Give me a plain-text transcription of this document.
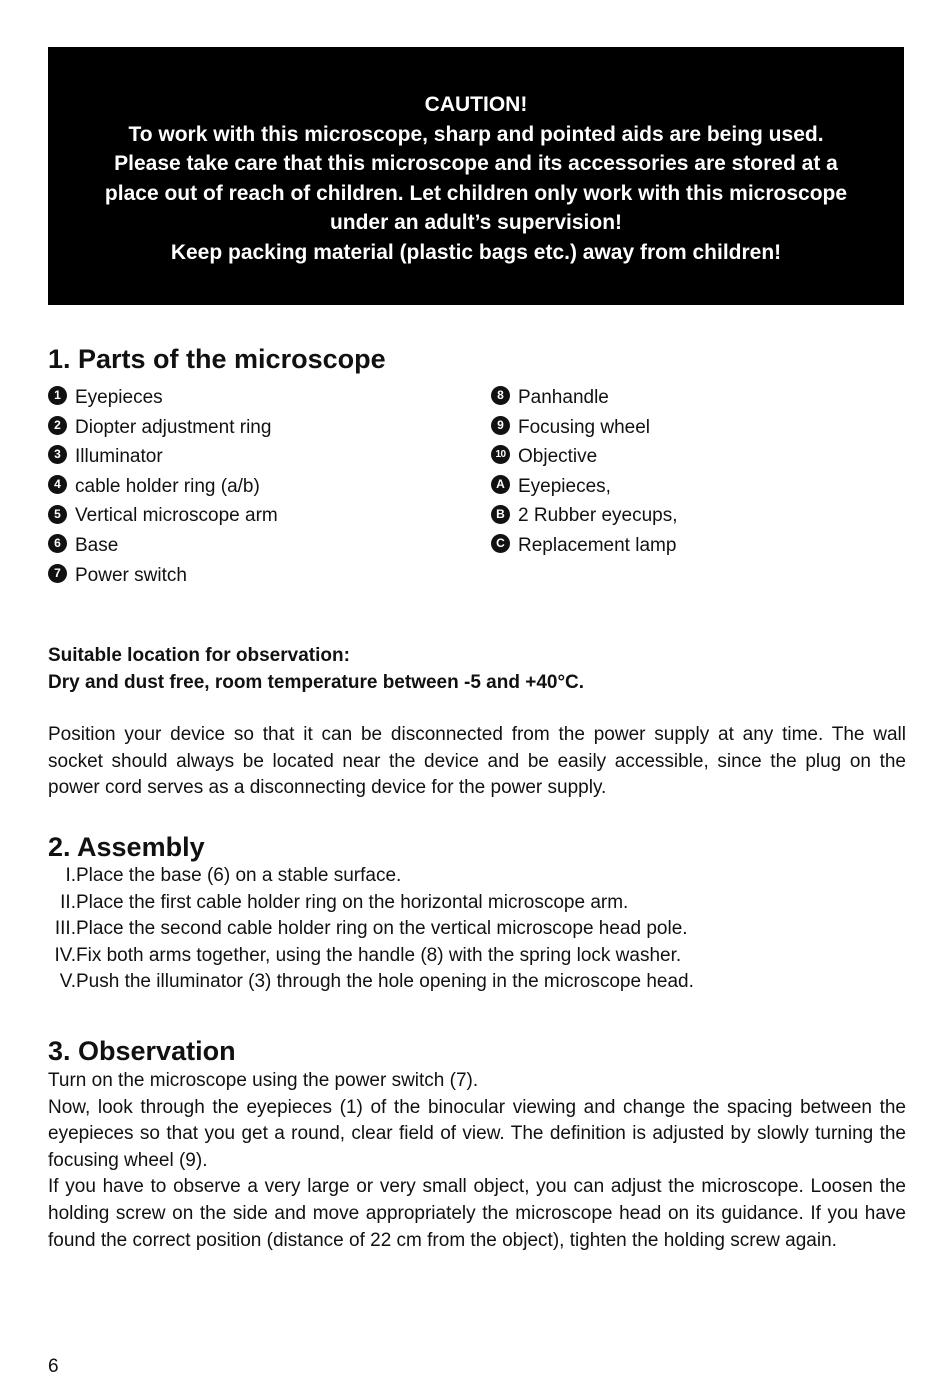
CAUTION!
To work with this microscope, sharp and pointed aids are being used.
Please take care that this microscope and its accessories are stored at a
place out of reach of children. Let children only work with this microscope
under an adult’s supervision!
Keep packing material (plastic bags etc.) away from children!
1. Parts of the microscope
1 Eyepieces
2 Diopter adjustment ring
3 Illuminator
4 cable holder ring (a/b)
5 Vertical microscope arm
6 Base
7 Power switch
8 Panhandle
9 Focusing wheel
10 Objective
A Eyepieces,
B 2 Rubber eyecups,
C Replacement lamp
Suitable location for observation:
Dry and dust free, room temperature between -5 and +40°C.
Position your device so that it can be disconnected from the power supply at any time. The wall socket should always be located near the device and be easily accessible, since the plug on the power cord serves as a disconnecting device for the power supply.
2. Assembly
I. Place the base (6) on a stable surface.
II. Place the first cable holder ring on the horizontal microscope arm.
III. Place the second cable holder ring on the vertical microscope head pole.
IV. Fix both arms together, using the handle (8) with the spring lock washer.
V. Push the illuminator (3) through the hole opening in the microscope head.
3. Observation
Turn on the microscope using the power switch (7).
Now, look through the eyepieces (1) of the binocular viewing and change the spacing between the eyepieces so that you get a round, clear field of view. The definition is adjusted by slowly turning the focusing wheel (9).
If you have to observe a very large or very small object, you can adjust the microscope. Loosen the holding screw on the side and move appropriately the microscope head on its guidance. If you have found the correct position (distance of 22 cm from the object), tighten the holding screw again.
6
